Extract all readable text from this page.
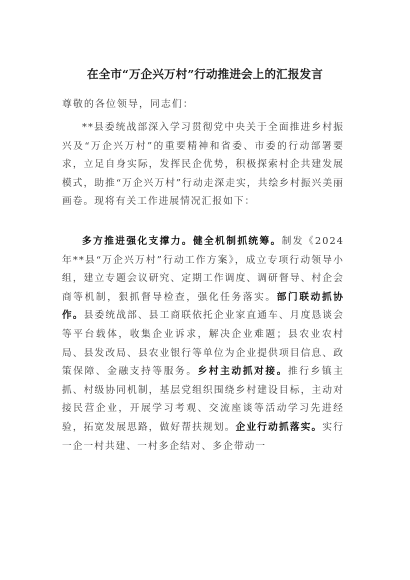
在全市“万企兴万村”行动推进会上的汇报发言

尊敬的各位领导，同志们：

**县委统战部深入学习贯彻党中央关于全面推进乡村振兴及“万企兴万村”的重要精神和省委、市委的行动部署要求，立足自身实际，发挥民企优势，积极探索村企共建发展模式，助推“万企兴万村”行动走深走实，共绘乡村振兴美丽画卷。现将有关工作进展情况汇报如下：

多方推进强化支撑力。健全机制抓统筹。制发《2024年**县“万企兴万村”行动工作方案》，成立专项行动领导小组，建立专题会议研究、定期工作调度、调研督导、村企会商等机制，狠抓督导检查，强化任务落实。部门联动抓协作。县委统战部、县工商联依托企业家直通车、月度恳谈会等平台载体，收集企业诉求，解决企业难题；县农业农村局、县发改局、县农业银行等单位为企业提供项目信息、政策保障、金融支持等服务。乡村主动抓对接。推行乡镇主抓、村级协同机制，基层党组织围绕乡村建设目标，主动对接民营企业，开展学习考观、交流座谈等活动学习先进经验，拓宽发展思路，做好帮扶规划。企业行动抓落实。实行一企一村共建、一村多企结对、多企带动一
